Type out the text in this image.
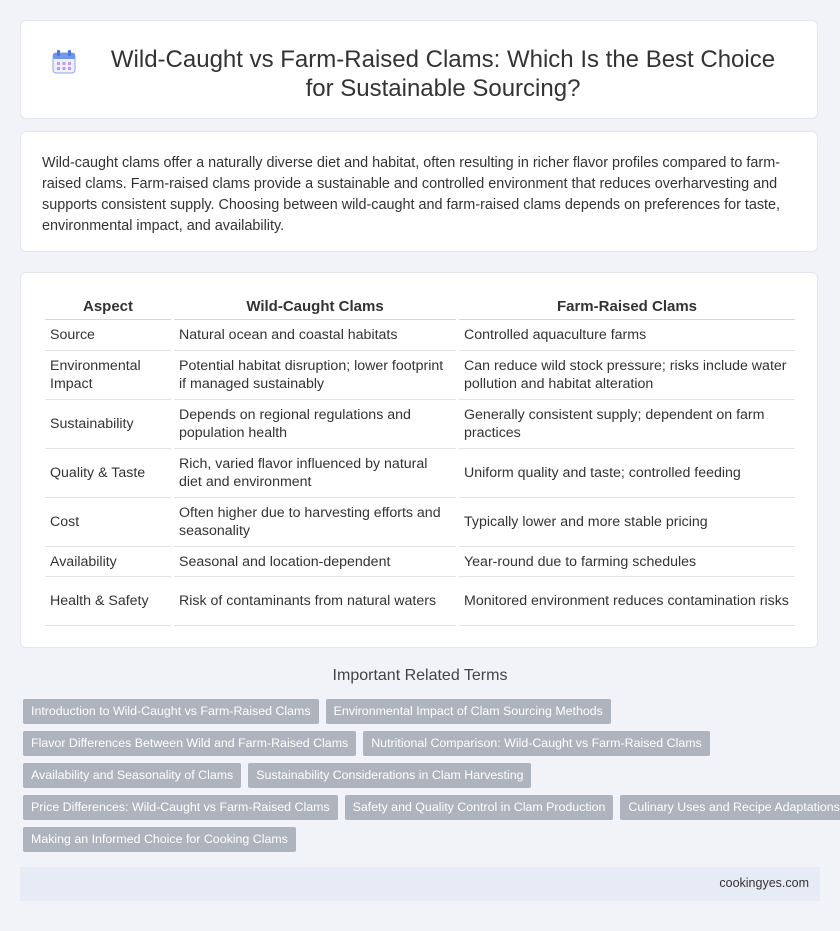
Wild-Caught vs Farm-Raised Clams: Which Is the Best Choice for Sustainable Sourcing?

Wild-caught clams offer a naturally diverse diet and habitat, often resulting in richer flavor profiles compared to farm-raised clams. Farm-raised clams provide a sustainable and controlled environment that reduces overharvesting and supports consistent supply. Choosing between wild-caught and farm-raised clams depends on preferences for taste, environmental impact, and availability.

Aspect	Wild-Caught Clams	Farm-Raised Clams
Source	Natural ocean and coastal habitats	Controlled aquaculture farms
Environmental Impact	Potential habitat disruption; lower footprint if managed sustainably	Can reduce wild stock pressure; risks include water pollution and habitat alteration
Sustainability	Depends on regional regulations and population health	Generally consistent supply; dependent on farm practices
Quality & Taste	Rich, varied flavor influenced by natural diet and environment	Uniform quality and taste; controlled feeding
Cost	Often higher due to harvesting efforts and seasonality	Typically lower and more stable pricing
Availability	Seasonal and location-dependent	Year-round due to farming schedules
Health & Safety	Risk of contaminants from natural waters	Monitored environment reduces contamination risks
Important Related Terms
Introduction to Wild-Caught vs Farm-Raised Clams	Environmental Impact of Clam Sourcing Methods
Flavor Differences Between Wild and Farm-Raised Clams	Nutritional Comparison: Wild-Caught vs Farm-Raised Clams
Availability and Seasonality of Clams	Sustainability Considerations in Clam Harvesting
Price Differences: Wild-Caught vs Farm-Raised Clams	Safety and Quality Control in Clam Production	Culinary Uses and Recipe Adaptations
Making an Informed Choice for Cooking Clams
cookingyes.com
